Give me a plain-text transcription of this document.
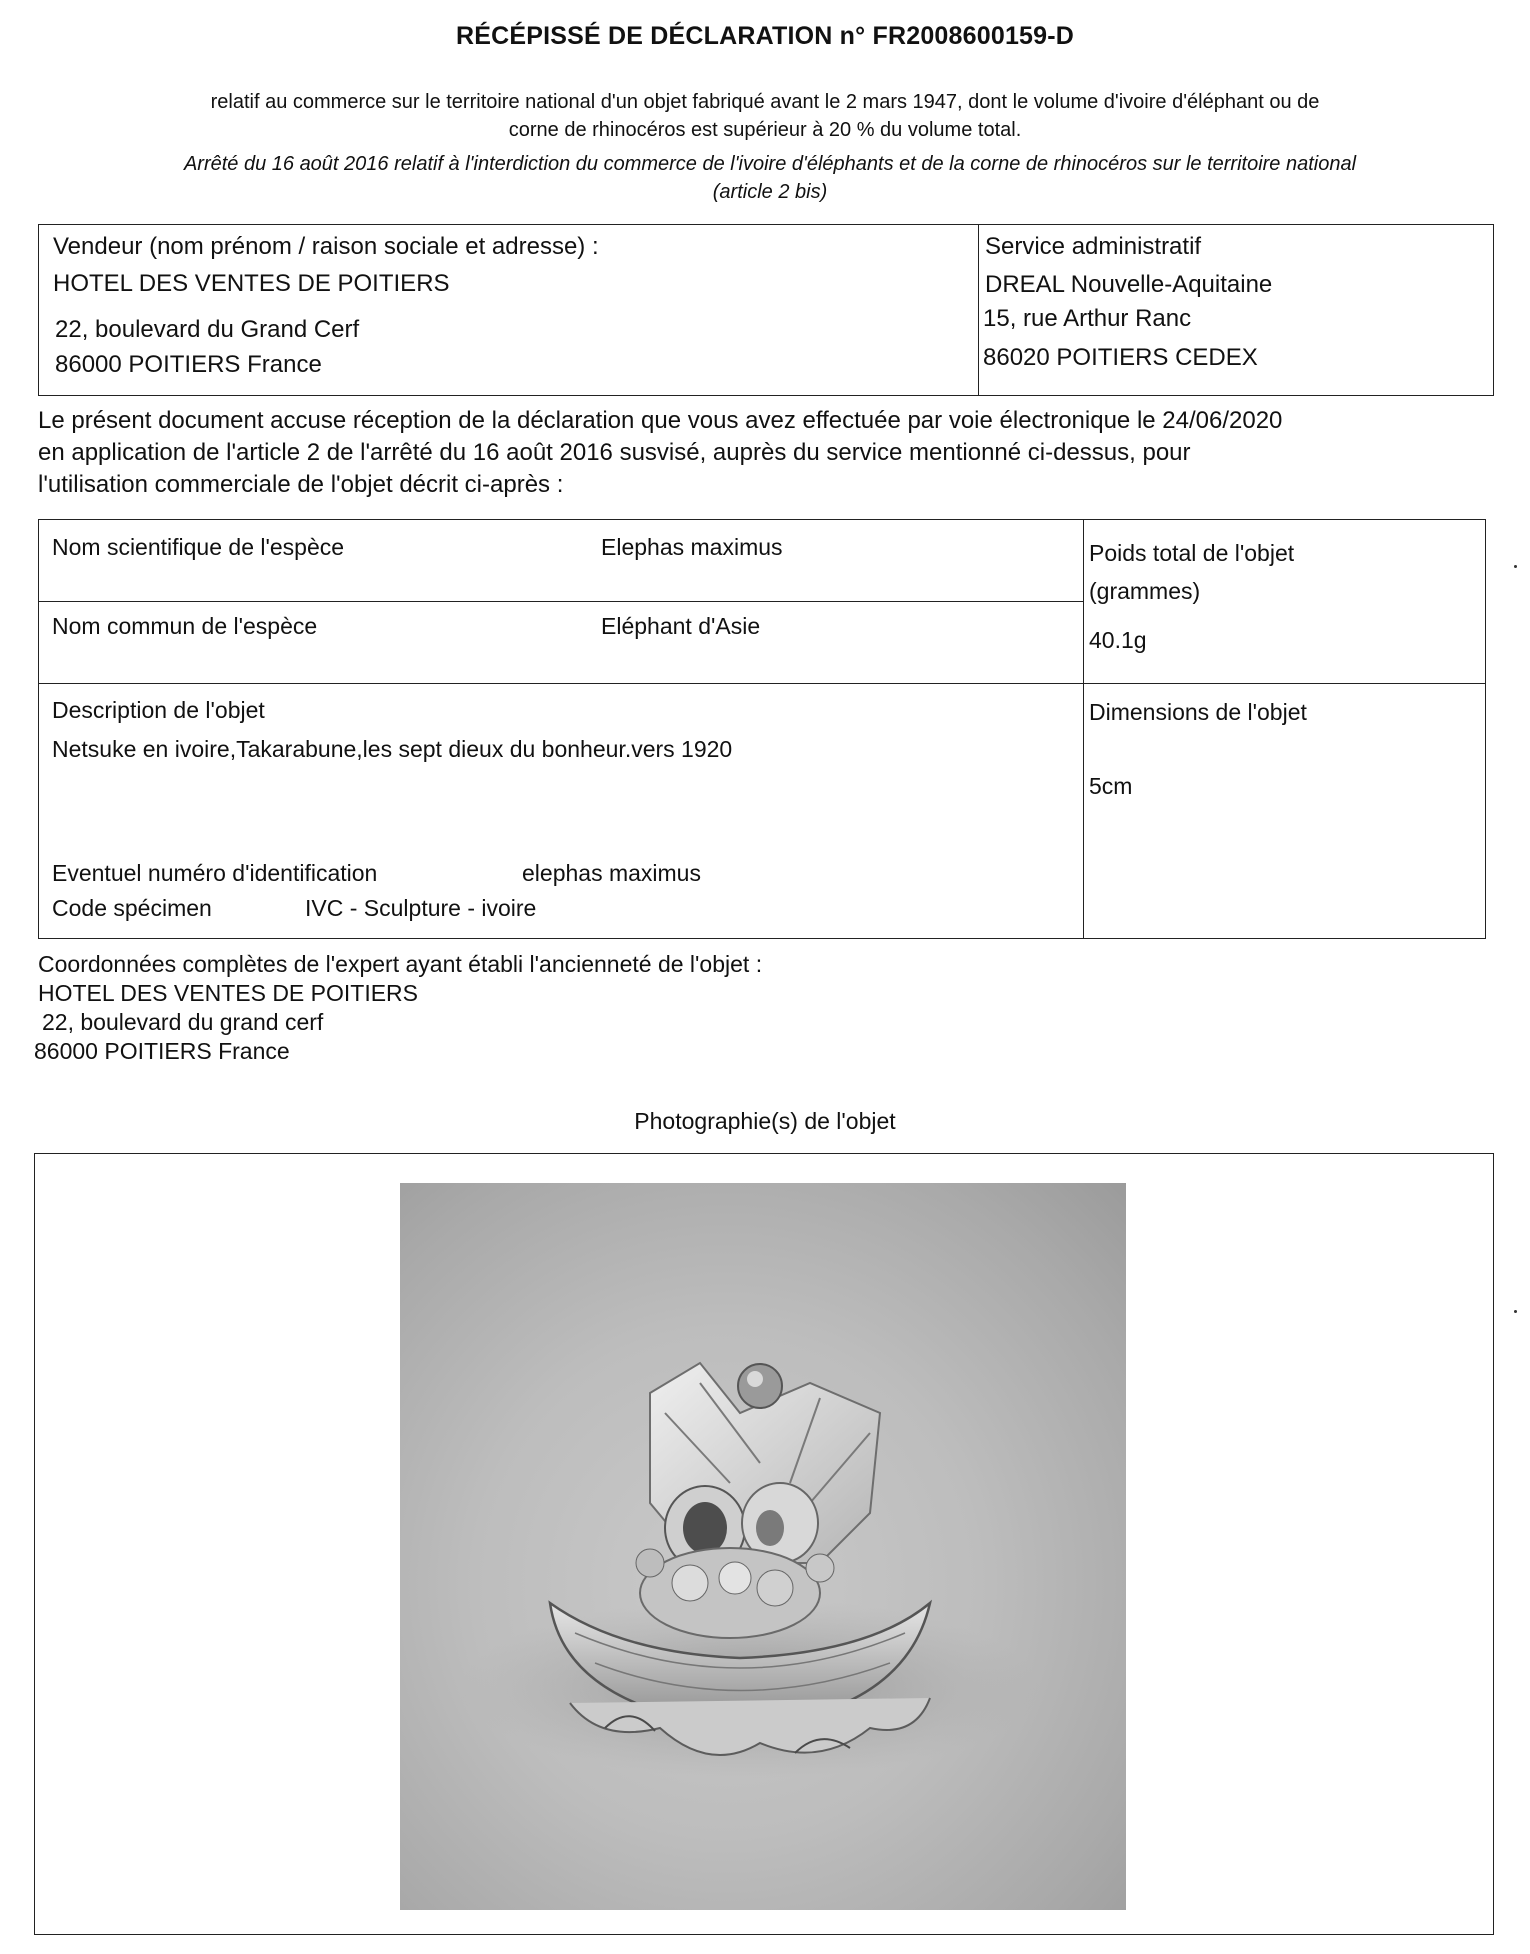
RÉCÉPISSÉ DE DÉCLARATION n° FR2008600159-D
relatif au commerce sur le territoire national d'un objet fabriqué avant le 2 mars 1947, dont le volume d'ivoire d'éléphant ou de
corne de rhinocéros est supérieur à 20 % du volume total.
Arrêté du 16 août 2016 relatif à l'interdiction du commerce de l'ivoire d'éléphants et de la corne de rhinocéros sur le territoire national
(article 2 bis)
Vendeur (nom prénom / raison sociale et adresse) :
HOTEL DES VENTES DE POITIERS
22, boulevard du Grand Cerf
86000 POITIERS France
Service administratif
DREAL Nouvelle-Aquitaine
15, rue Arthur Ranc
86020 POITIERS CEDEX
Le présent document accuse réception de la déclaration que vous avez effectuée par voie électronique le 24/06/2020
en application de l'article 2 de l'arrêté du 16 août 2016 susvisé, auprès du service mentionné ci-dessus, pour
l'utilisation commerciale de l'objet décrit ci-après :
Nom scientifique de l'espèce	Elephas maximus
Nom commun de l'espèce	Eléphant d'Asie
Poids total de l'objet
(grammes)
40.1g
Description de l'objet
Netsuke en ivoire,Takarabune,les sept dieux du bonheur.vers 1920
Dimensions de l'objet
5cm
Eventuel numéro d'identification	elephas maximus
Code spécimen	IVC - Sculpture - ivoire
Coordonnées complètes de l'expert ayant établi l'ancienneté de l'objet :
HOTEL DES VENTES DE POITIERS
22, boulevard du grand cerf
86000 POITIERS France
Photographie(s) de l'objet
